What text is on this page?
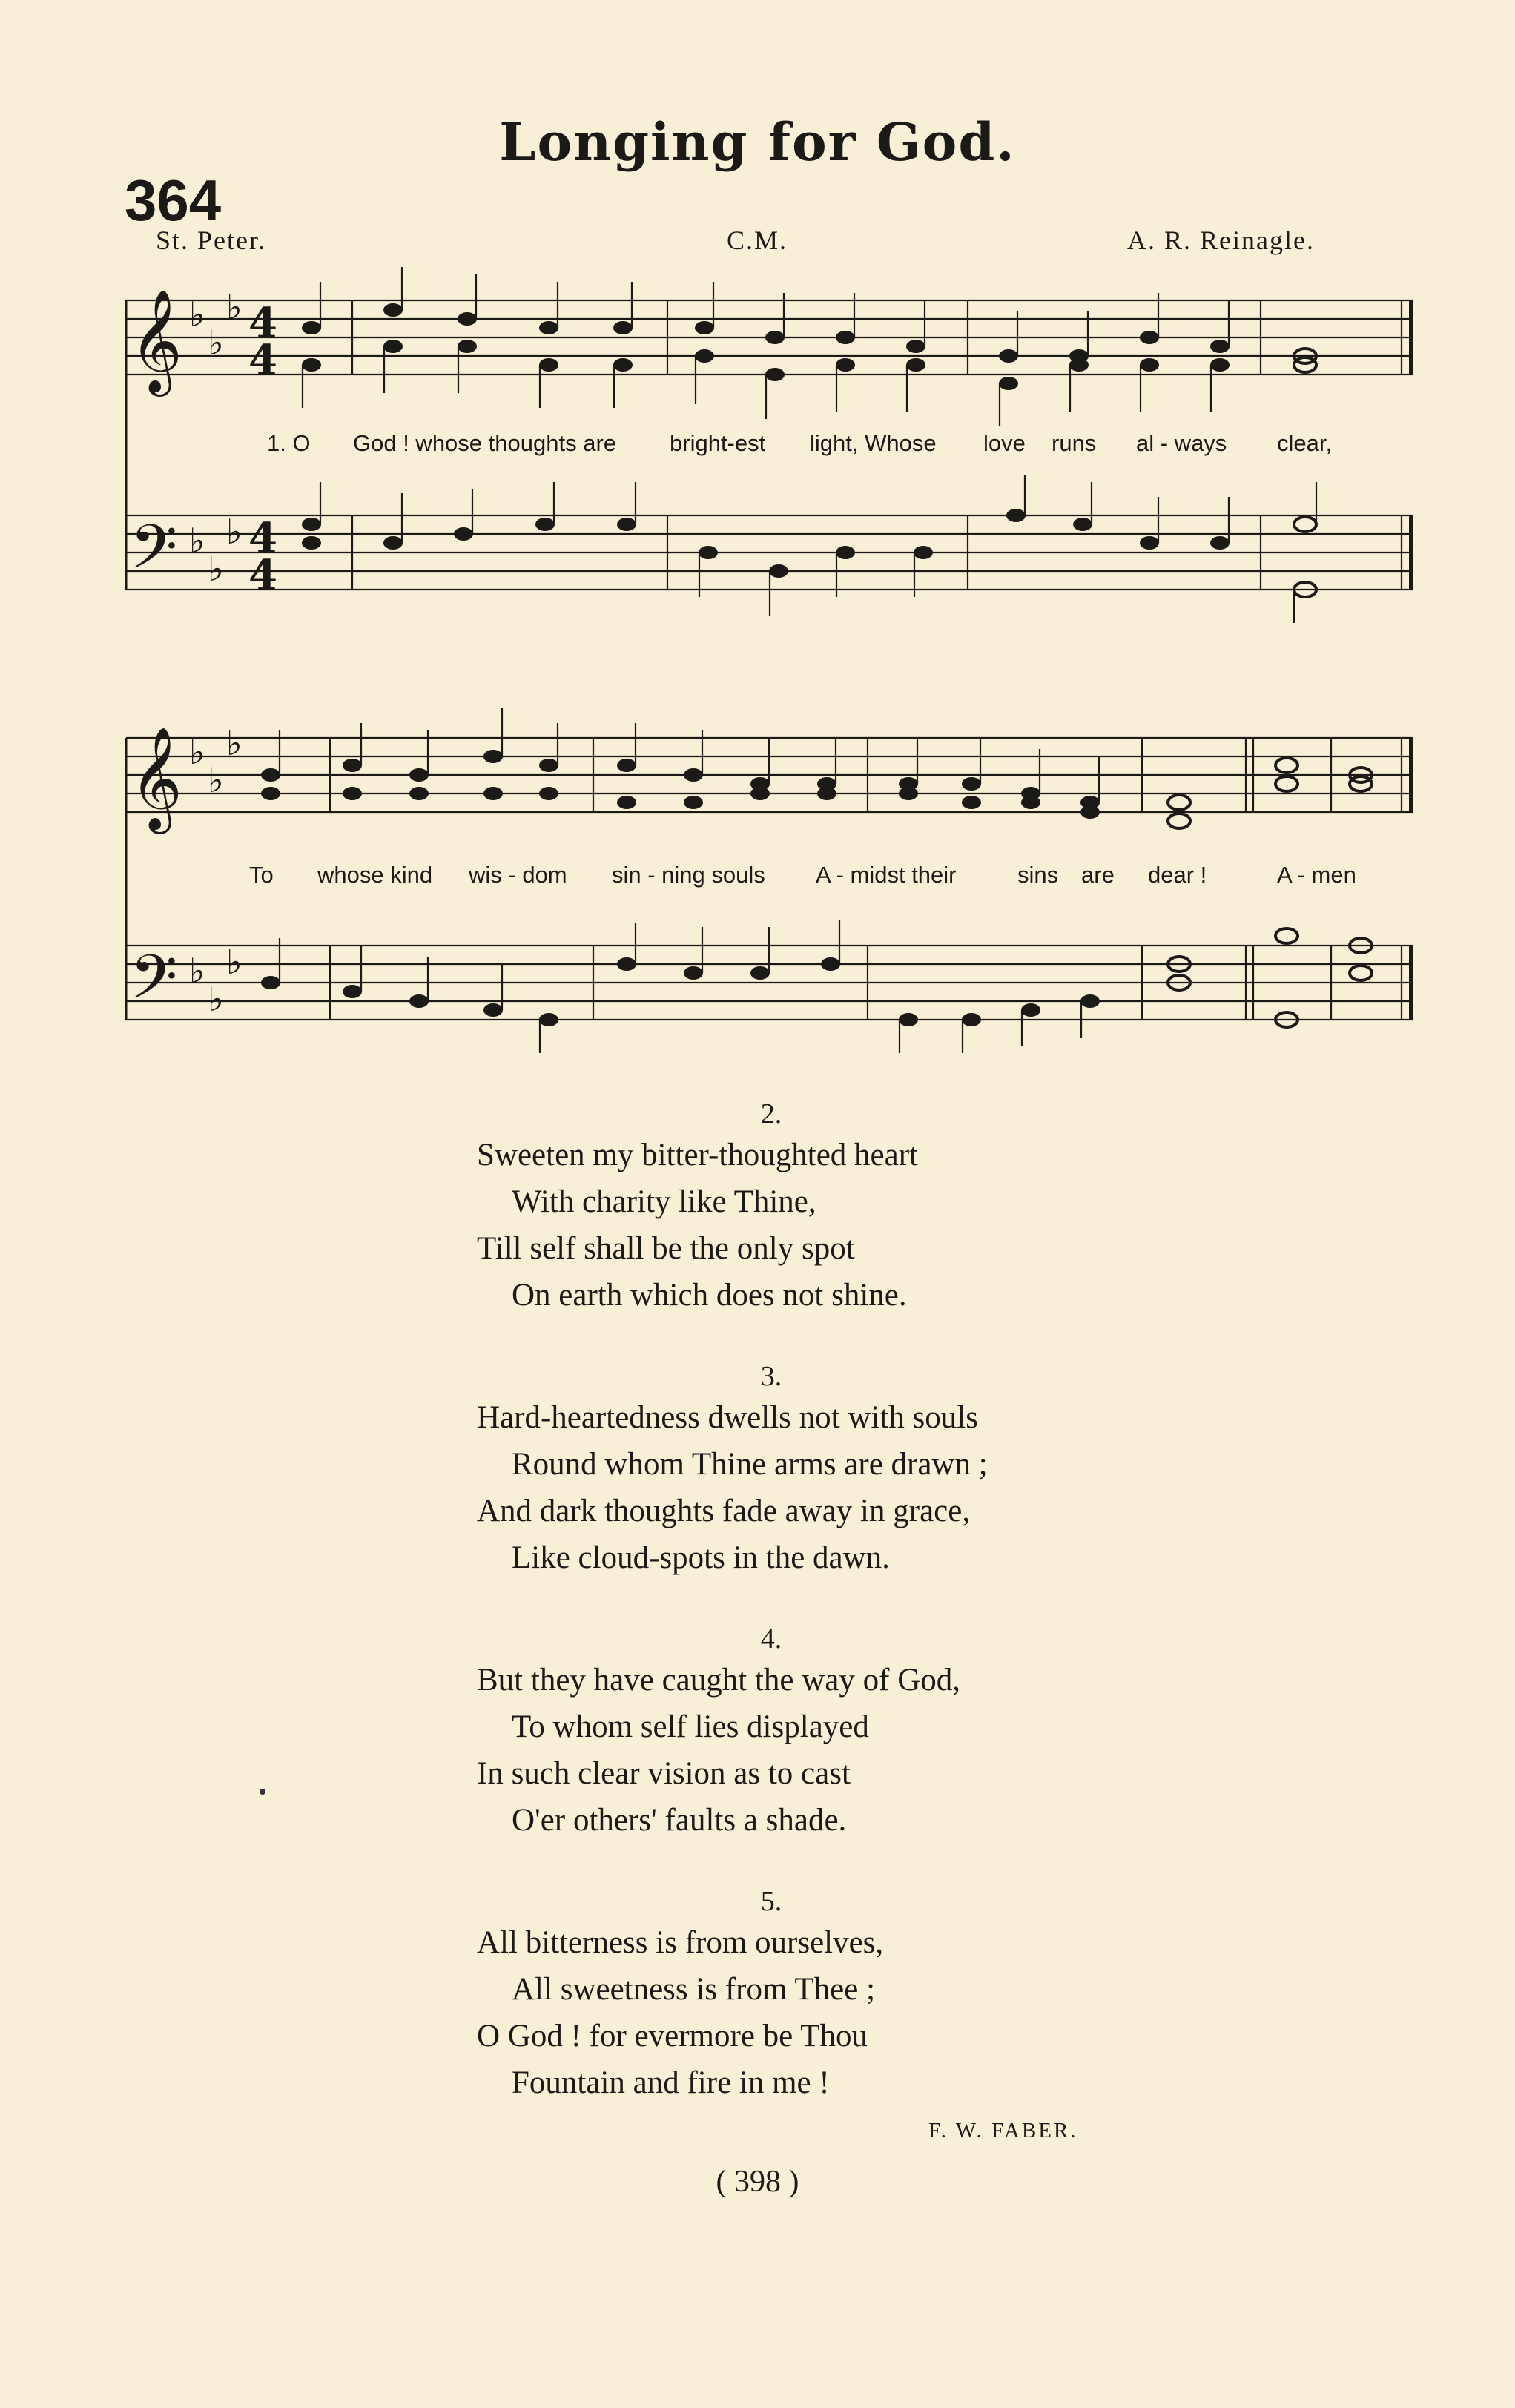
Longing for God.
364
St. Peter.	C.M.	A. R. Reinagle.
𝄞
𝄢
𝄞
𝄢
♭
♭
♭
♭
♭
♭
♭
♭
♭
♭
♭
♭
4
4
4
4
1. O God ! whose thoughts are bright-est light, Whose love runs al - ways clear,
To whose kind wis - dom sin - ning souls A - midst their	sins are dear !	A - men
2.
Sweeten my bitter-thoughted heart
With charity like Thine,
Till self shall be the only spot
On earth which does not shine.
3.
Hard-heartedness dwells not with souls
Round whom Thine arms are drawn ;
And dark thoughts fade away in grace,
Like cloud-spots in the dawn.
4.
But they have caught the way of God,
To whom self lies displayed
In such clear vision as to cast
O'er others' faults a shade.
5.
All bitterness is from ourselves,
All sweetness is from Thee ;
O God ! for evermore be Thou
Fountain and fire in me !
F. W. FABER.
( 398 )
